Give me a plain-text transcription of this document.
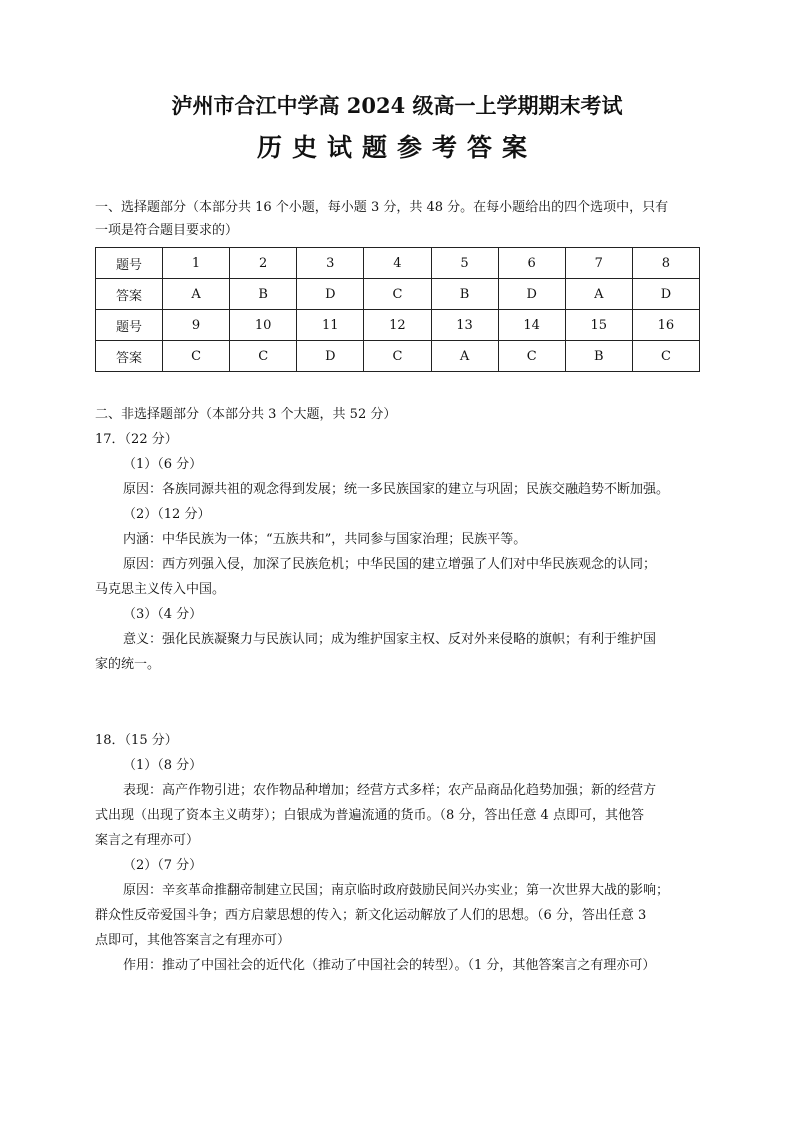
泸州市合江中学高 2024 级高一上学期期末考试
历史试题参考答案
一、选择题部分（本部分共 16 个小题，每小题 3 分，共 48 分。在每小题给出的四个选项中，只有
一项是符合题目要求的）
题号	1	2	3	4	5	6	7	8
答案	A	B	D	C	B	D	A	D
题号	9	10	11	12	13	14	15	16
答案	C	C	D	C	A	C	B	C
二、非选择题部分（本部分共 3 个大题，共 52 分）
17．（22 分）
（1）（6 分）
原因：各族同源共祖的观念得到发展；统一多民族国家的建立与巩固；民族交融趋势不断加强。
（2）（12 分）
内涵：中华民族为一体；“五族共和”，共同参与国家治理；民族平等。
原因：西方列强入侵，加深了民族危机；中华民国的建立增强了人们对中华民族观念的认同；
马克思主义传入中国。
（3）（4 分）
意义：强化民族凝聚力与民族认同；成为维护国家主权、反对外来侵略的旗帜；有利于维护国
家的统一。
18．（15 分）
（1）（8 分）
表现：高产作物引进；农作物品种增加；经营方式多样；农产品商品化趋势加强；新的经营方
式出现（出现了资本主义萌芽）；白银成为普遍流通的货币。（8 分，答出任意 4 点即可，其他答
案言之有理亦可）
（2）（7 分）
原因：辛亥革命推翻帝制建立民国；南京临时政府鼓励民间兴办实业；第一次世界大战的影响；
群众性反帝爱国斗争；西方启蒙思想的传入；新文化运动解放了人们的思想。（6 分，答出任意 3
点即可，其他答案言之有理亦可）
作用：推动了中国社会的近代化（推动了中国社会的转型）。（1 分，其他答案言之有理亦可）
